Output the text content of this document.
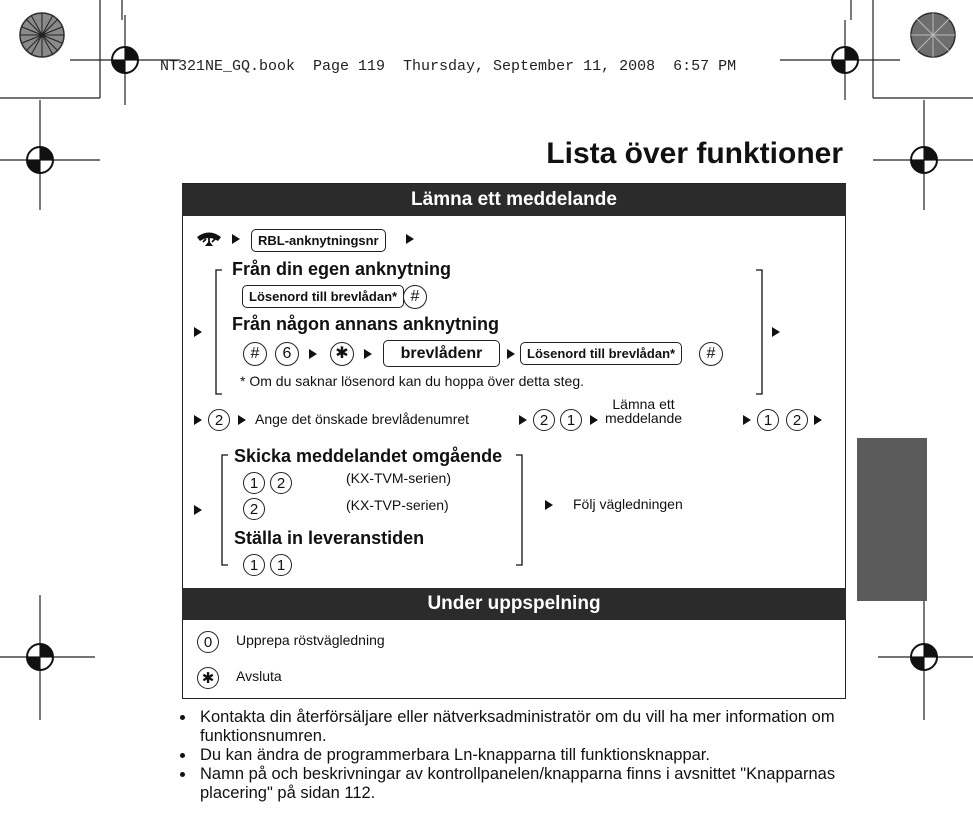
NT321NE_GQ.book  Page 119  Thursday, September 11, 2008  6:57 PM
Lista över funktioner
Lämna ett meddelande
RBL-anknytningsnr
Från din egen anknytning
Lösenord till brevlådan* #
Från någon annans anknytning
#	6	✱	brevlådenr	Lösenord till brevlådan*	#
* Om du saknar lösenord kan du hoppa över detta steg.
2	Ange det önskade brevlådenumret	2	1
Lämna ett
meddelande	1	2
Skicka meddelandet omgående
1	2	(KX-TVM-serien)
2	(KX-TVP-serien)	Följ vägledningen
Ställa in leveranstiden
1	1
Under uppspelning
0	Upprepa röstvägledning
✱	Avsluta
Kontakta din återförsäljare eller nätverksadministratör om du vill ha mer information om funktionsnumren.
Du kan ändra de programmerbara Ln-knapparna till funktionsknappar.
Namn på och beskrivningar av kontrollpanelen/knapparna finns i avsnittet "Knapparnas placering" på sidan 112.
